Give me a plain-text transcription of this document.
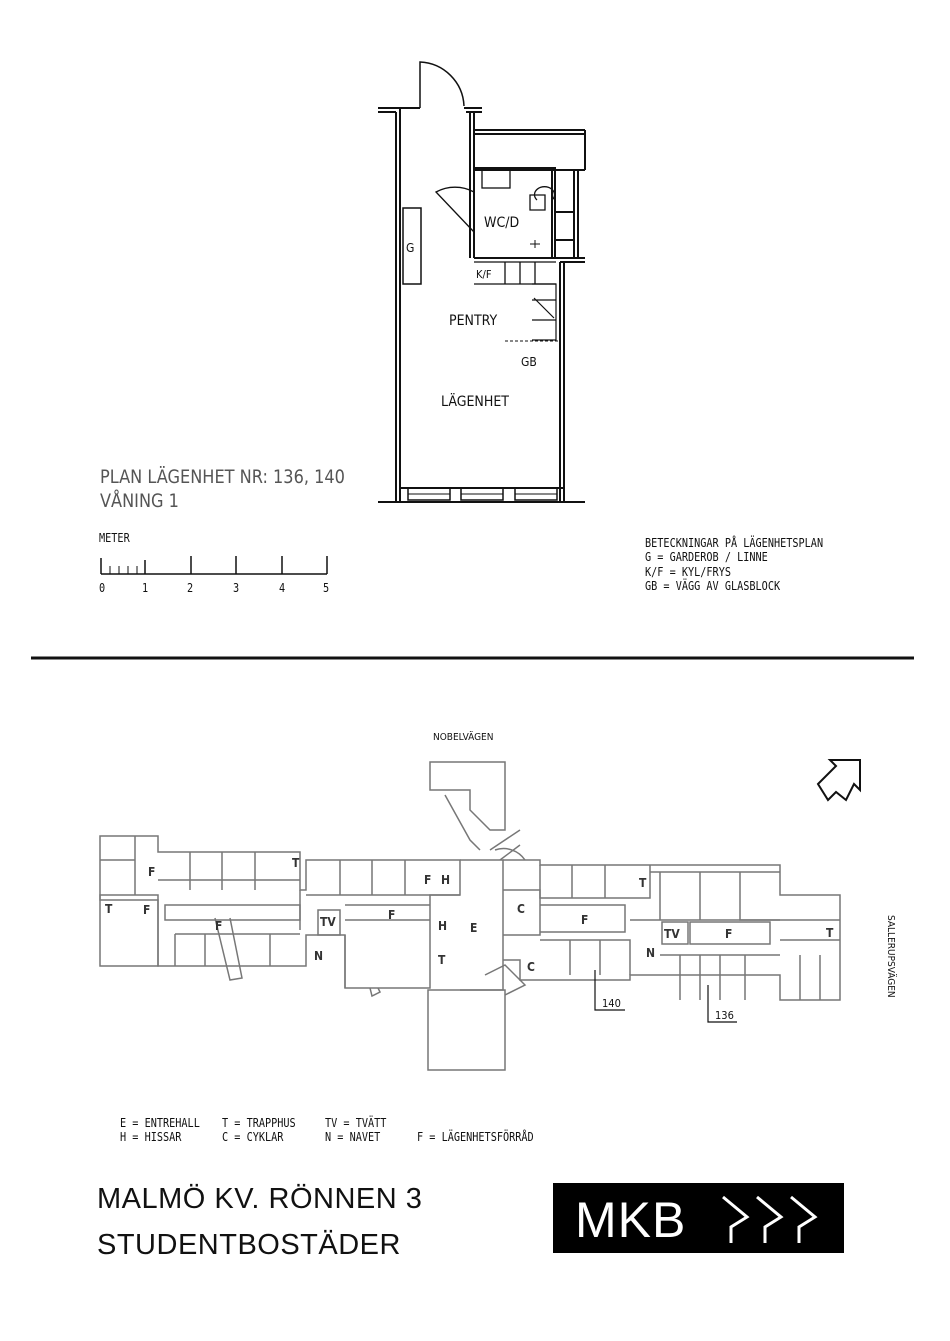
WC/D
K/F
G
PENTRY
GB
LÄGENHET
F
T
T	F
F	TV	F
N
F H
H E
T
C
C
F
T
TV	F
N
T
140
136
NOBELVÄGEN
SALLERUPSVÄGEN
PLAN LÄGENHET NR: 136, 140
VÅNING 1
METER
0	1	2	3	4	5
BETECKNINGAR PÅ LÄGENHETSPLAN
G = GARDEROB / LINNE
K/F = KYL/FRYS
GB = VÄGG AV GLASBLOCK
E = ENTREHALL
H = HISSAR
T = TRAPPHUS
C = CYKLAR
TV = TVÄTT
N = NAVET	F = LÄGENHETSFÖRRÅD
MALMÖ KV. RÖNNEN 3
STUDENTBOSTÄDER	MKB
